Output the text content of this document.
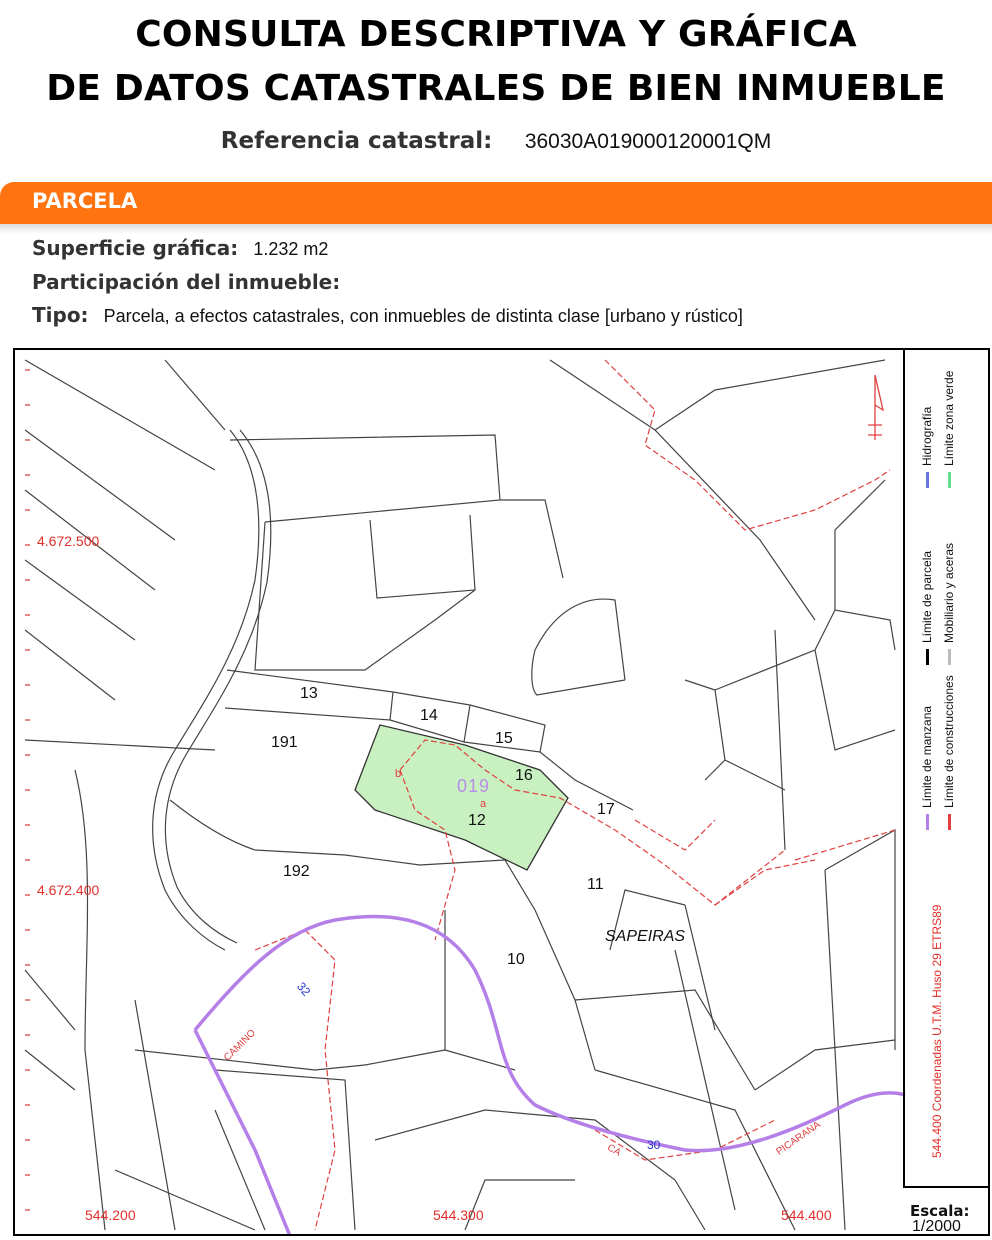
CONSULTA DESCRIPTIVA Y GRÁFICA
DE DATOS CATASTRALES DE BIEN INMUEBLE
Referencia catastral: 36030A019000120001QM
PARCELA
Superficie gráfica: 1.232 m2
Participación del inmueble:
Tipo: Parcela, a efectos catastrales, con inmuebles de distinta clase [urbano y rústico]
4.672.500
4.672.400
544.200	544.300	544.400
13
14
15
16
17
191
192
12
11
10
019
a
b
SAPEIRAS
CAMINO
32
30
CA	PICARANA
Límite de manzana Límite de construcciones
Límite de parcela Mobiliario y aceras
Hidrografía Límite zona verde
544.400 Coordenadas U.T.M. Huso 29 ETRS89
Escala:
1/2000
